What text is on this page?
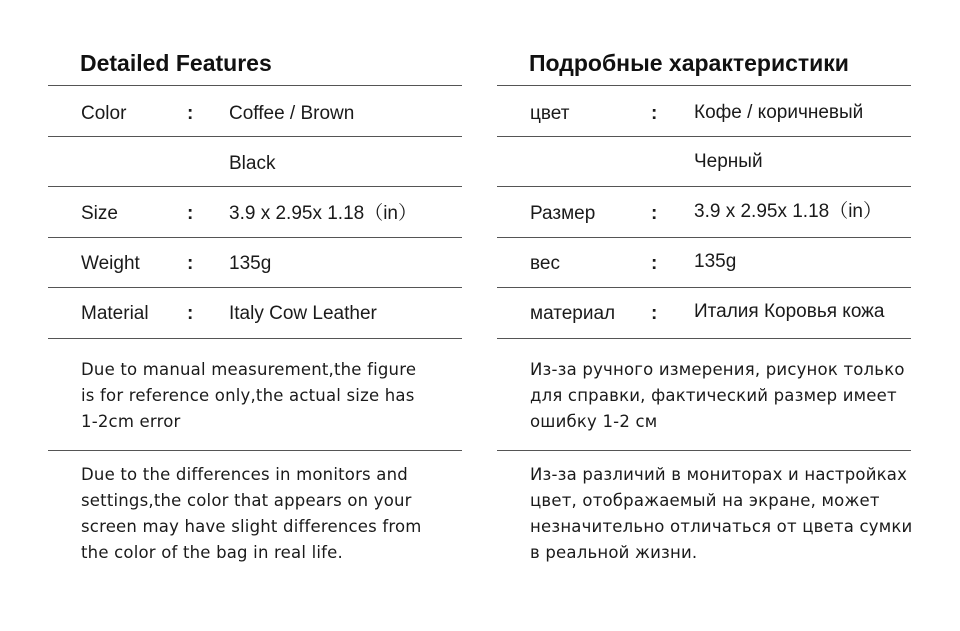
Detailed Features
Color	: Coffee / Brown
Black
Size	: 3.9 x 2.95x 1.18（in）
Weight : 135g
Material : Italy Cow Leather
Due to manual measurement,the figure
is for reference only,the actual size has
1-2cm error
Due to the differences in monitors and
settings,the color that appears on your
screen may have slight differences from
the color of the bag in real life.
Подробные характеристики
цвет	: Кофе / коричневый
Черный
Размер	: 3.9 x 2.95x 1.18（in）
вес	: 135g
материал : Италия Коровья кожа
Из-за ручного измерения, рисунок только
для справки, фактический размер имеет
ошибку 1-2 см
Из-за различий в мониторах и настройках
цвет, отображаемый на экране, может
незначительно отличаться от цвета сумки
в реальной жизни.
